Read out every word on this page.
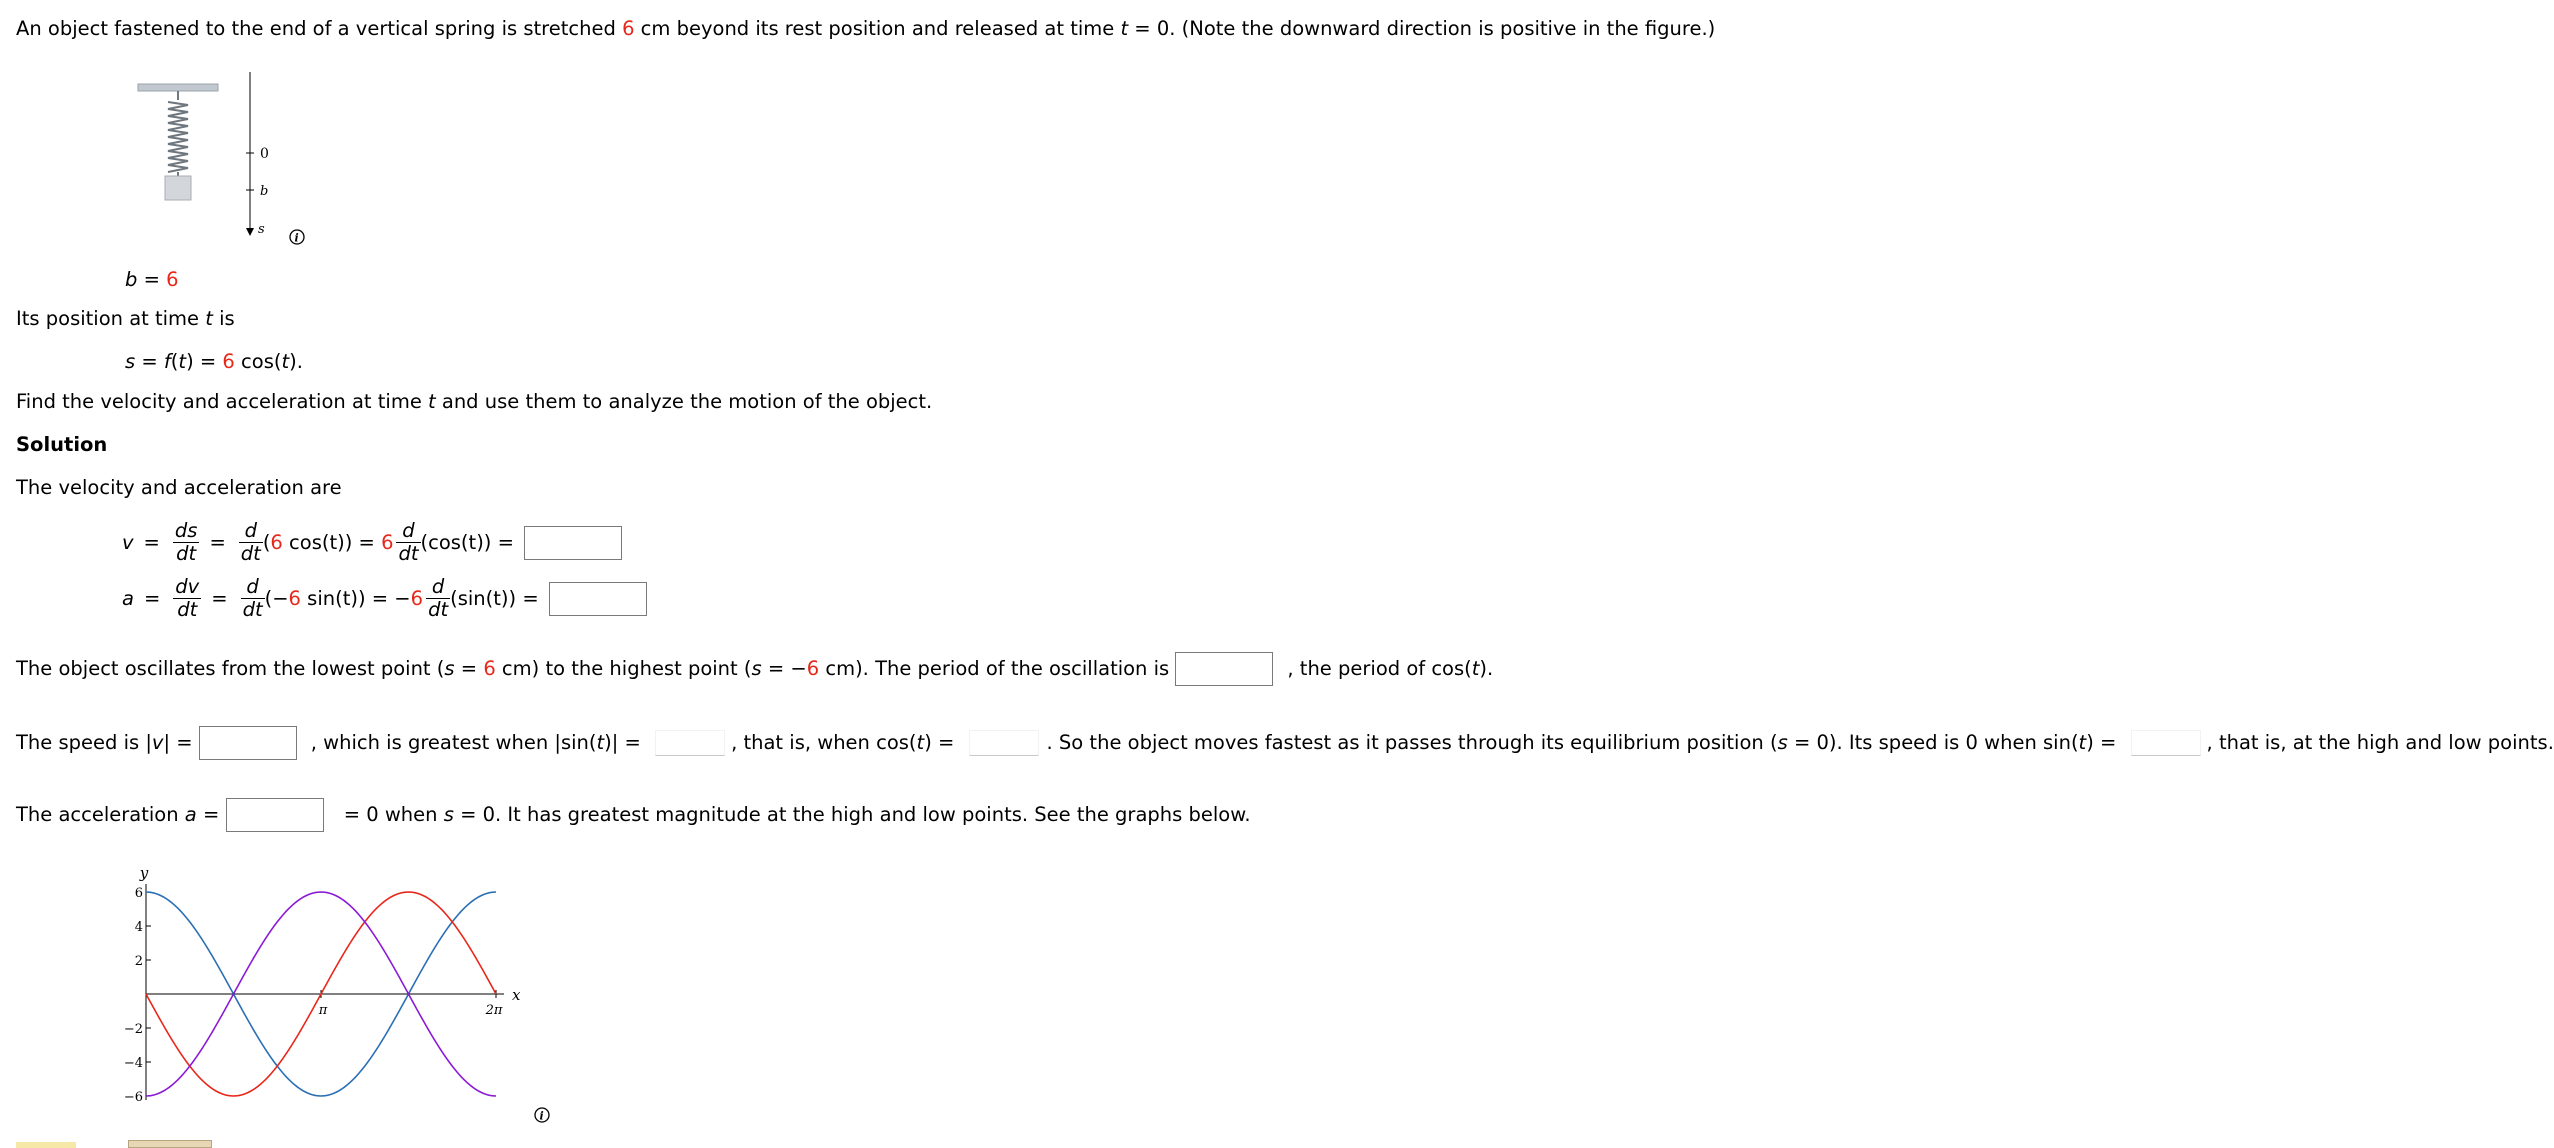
An object fastened to the end of a vertical spring is stretched 6 cm beyond its rest position and released at time t = 0. (Note the downward direction is positive in the figure.)
0
b
s
i
b = 6
Its position at time t is
s = f(t) = 6 cos(t).
Find the velocity and acceleration at time t and use them to analyze the motion of the object.
Solution
The velocity and acceleration are
$v = \frac{ds}{dt} = \frac{d}{dt}$ ( 6 $\cos(t)) = 6 \frac{d}{dt} (\cos(t))$ =
$a = \frac{dv}{dt} = \frac{d}{dt}$ (− 6 sin(t)) = − $6 \frac{d}{dt} (\sin(t))$ =
The object oscillates from the lowest point ( s = 6 cm) to the highest point ( s = − 6 cm). The period of the oscillation is	, the period of cos( t ).
The speed is | v | =	, which is greatest when |sin( t )| =	, that is, when cos( t ) =	. So the object moves fastest as it passes through its equilibrium position ( s = 0). Its speed is 0 when sin( t ) =	, that is, at the high and low points.
The acceleration a =	= 0 when s = 0. It has greatest magnitude at the high and low points. See the graphs below.
6
4
2
−2
−4
−6
π	2π
x
y
i
